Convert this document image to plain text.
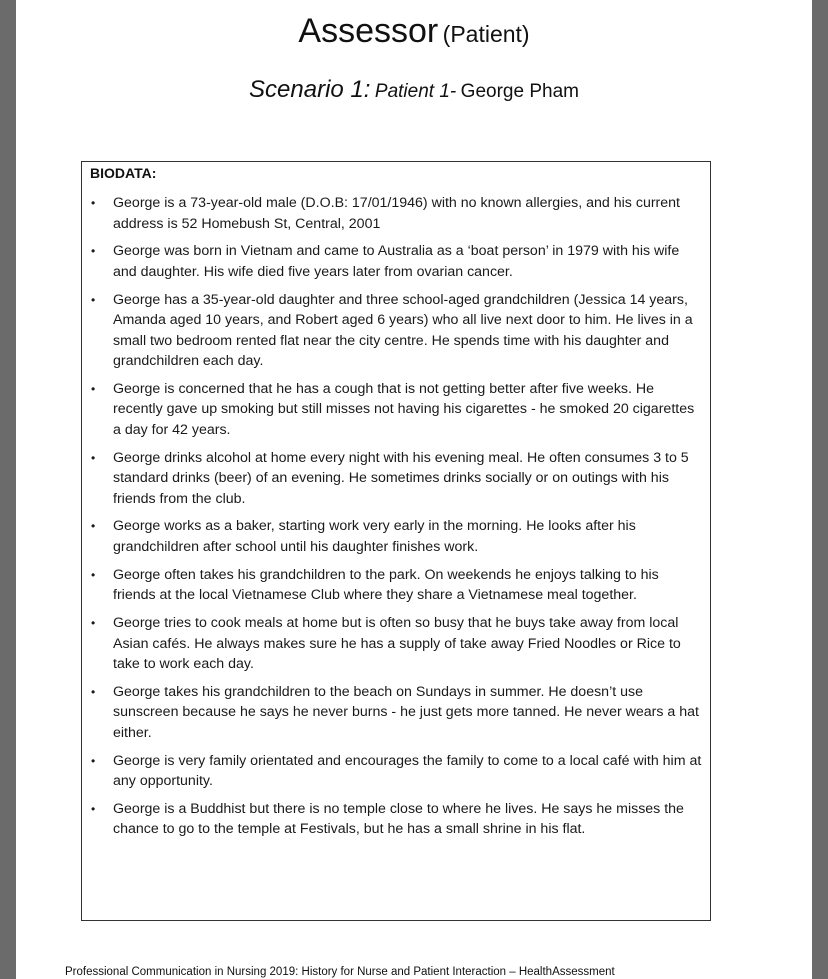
Assessor (Patient)
Scenario 1: Patient 1- George Pham
BIODATA:
• George is a 73-year-old male (D.O.B: 17/01/1946) with no known allergies, and his current address is 52 Homebush St, Central, 2001
• George was born in Vietnam and came to Australia as a ‘boat person’ in 1979 with his wife and daughter. His wife died five years later from ovarian cancer.
• George has a 35-year-old daughter and three school-aged grandchildren (Jessica 14 years, Amanda aged 10 years, and Robert aged 6 years) who all live next door to him. He lives in a small two bedroom rented flat near the city centre. He spends time with his daughter and grandchildren each day.
• George is concerned that he has a cough that is not getting better after five weeks. He recently gave up smoking but still misses not having his cigarettes - he smoked 20 cigarettes a day for 42 years.
• George drinks alcohol at home every night with his evening meal. He often consumes 3 to 5 standard drinks (beer) of an evening. He sometimes drinks socially or on outings with his friends from the club.
• George works as a baker, starting work very early in the morning. He looks after his grandchildren after school until his daughter finishes work.
• George often takes his grandchildren to the park. On weekends he enjoys talking to his friends at the local Vietnamese Club where they share a Vietnamese meal together.
• George tries to cook meals at home but is often so busy that he buys take away from local Asian cafés. He always makes sure he has a supply of take away Fried Noodles or Rice to take to work each day.
• George takes his grandchildren to the beach on Sundays in summer. He doesn’t use sunscreen because he says he never burns - he just gets more tanned. He never wears a hat either.
• George is very family orientated and encourages the family to come to a local café with him at any opportunity.
• George is a Buddhist but there is no temple close to where he lives. He says he misses the chance to go to the temple at Festivals, but he has a small shrine in his flat.
Professional Communication in Nursing 2019: History for Nurse and Patient Interaction – HealthAssessment
